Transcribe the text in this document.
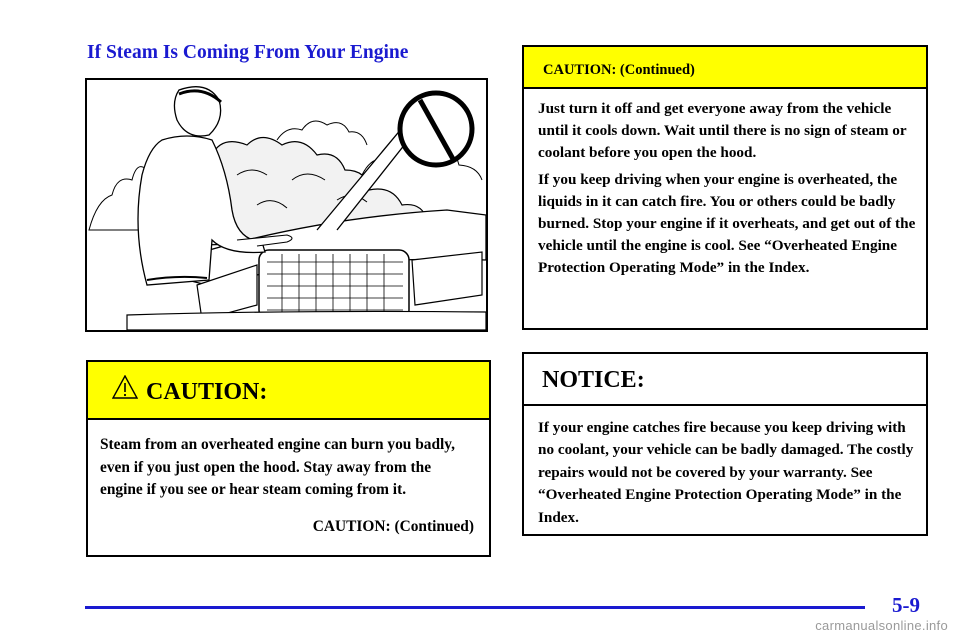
If Steam Is Coming From Your Engine
CAUTION:
Steam from an overheated engine can burn you badly, even if you just open the hood. Stay away from the engine if you see or hear steam coming from it.
CAUTION: (Continued)
CAUTION: (Continued)

Just turn it off and get everyone away from the vehicle until it cools down. Wait until there is no sign of steam or coolant before you open the hood.

If you keep driving when your engine is overheated, the liquids in it can catch fire. You or others could be badly burned. Stop your engine if it overheats, and get out of the vehicle until the engine is cool. See “Overheated Engine Protection Operating Mode” in the Index.

NOTICE:
If your engine catches fire because you keep driving with no coolant, your vehicle can be badly damaged. The costly repairs would not be covered by your warranty. See “Overheated Engine Protection Operating Mode” in the Index.
5-9
carmanualsonline.info
